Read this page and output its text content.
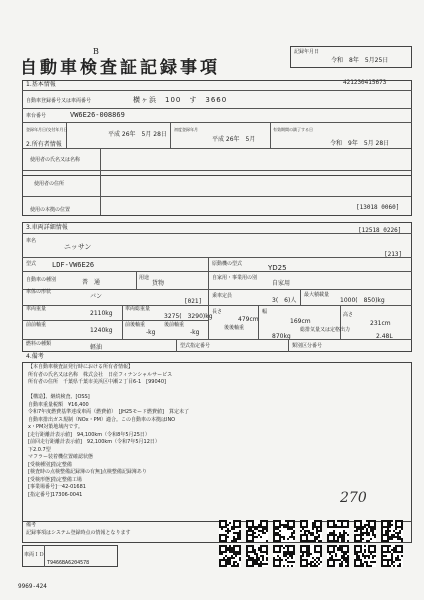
B
自動車検査証記録事項
記録年月日
令和　8年　5月25日
421230415673
1.基本情報
自動車登録番号又は車両番号	横ヶ浜　100　す　3660
車台番号	VW6E26-008869
登録年月日/交付年月日
平成 26年　5月 28日
初度登録年月
平成 26年　5月
有効期間の満了する日
令和　9年　5月 28日
2.所有者情報
使用者の氏名又は名称
使用者の住所
使用の本拠の位置	[13018 0060]
3.車両詳細情報	[12518 0226]
車名
ニッサン
[213]
型式 LDF-VW6E26	原動機の型式	YD25
自動車の種別	普　通
用途
貨物
自家用・事業用の別
自家用
車体の形状
バン
[021]
乗車定員
3(　6)人
最大積載量
1000(　850)kg
車両重量
2110kg
車両総重量
3275(　3290)kg
長さ
479cm
幅
169cm
高さ
231cm
前前軸重
1240kg
前後軸重
-kg
後前軸重
-kg
後後軸重
870kg
総排気量又は定格出力
2.48L
燃料の種類	軽油	型式指定番号	類別区分番号
4.備考
【本自動車検査証発行時における所有者情報】
所有者の氏名又は名称　株式会社　日産フィナンシャルサービス
所有者の住所　千葉県千葉市美浜区中瀬２丁目6-1　[99040]
【構造】、継続検査、[OSS]
自動車重量税額　¥16,400
令和7年度燃費基準達成車両（燃費値）　[JH25モード燃費値]　算定未了
自動車排出ガス規制（NOx・PM）適合。この自動車の本拠はINO
x・PM対策地域内です。
[走行距離計表示値]　94,100km（令和8年5月25日）
[前回走行距離計表示値]　92,100km（令和7年5月12日）
下2.0.7型
マフラー装着機位置確認状態
[受検種別]指定整備
[検査時の点検整備記録簿の有無]点検整備記録簿あり
[受検形態]指定整備工場
[事業場番号]一42-01681
[指定番号]17306-0041	270
備考
記録事項はシステム登録時点の情報となります
車両ＩＤ
T9466BA6204578
9969-424
